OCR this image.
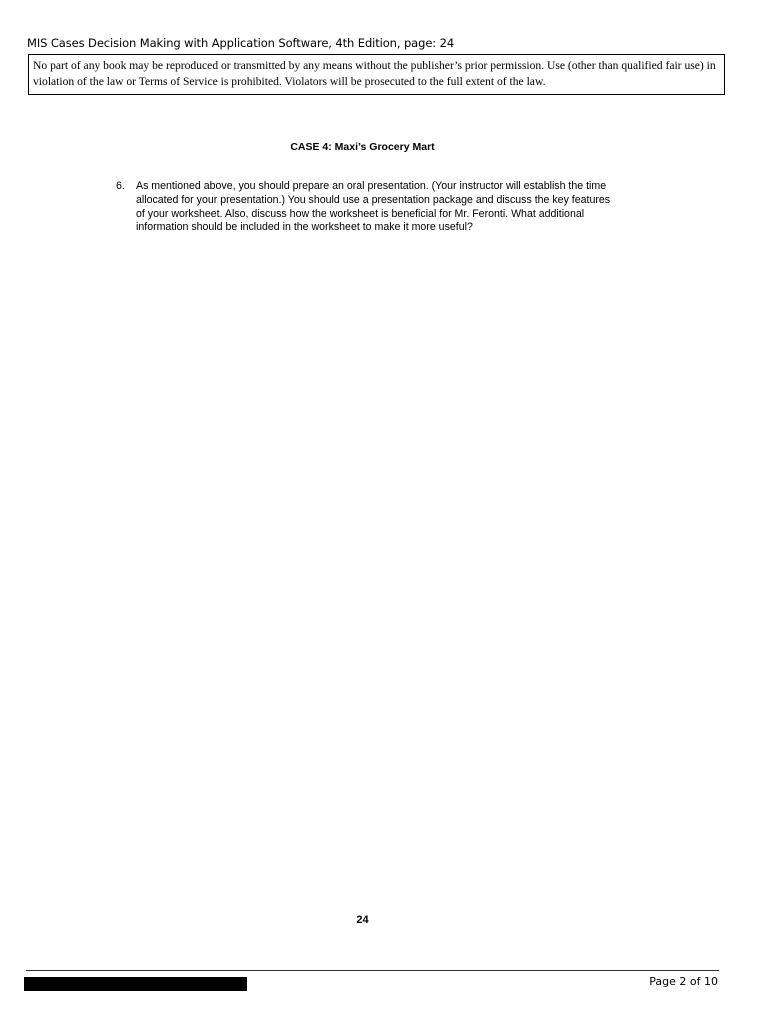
MIS Cases Decision Making with Application Software, 4th Edition, page: 24
No part of any book may be reproduced or transmitted by any means without the publisher’s prior permission. Use (other than qualified fair use) in violation of the law or Terms of Service is prohibited. Violators will be prosecuted to the full extent of the law.
CASE 4: Maxi’s Grocery Mart
6.	As mentioned above, you should prepare an oral presentation. (Your instructor will establish the time allocated for your presentation.) You should use a presentation package and discuss the key features of your worksheet. Also, discuss how the worksheet is beneficial for Mr. Feronti. What additional information should be included in the worksheet to make it more useful?
24
Page 2 of 10
